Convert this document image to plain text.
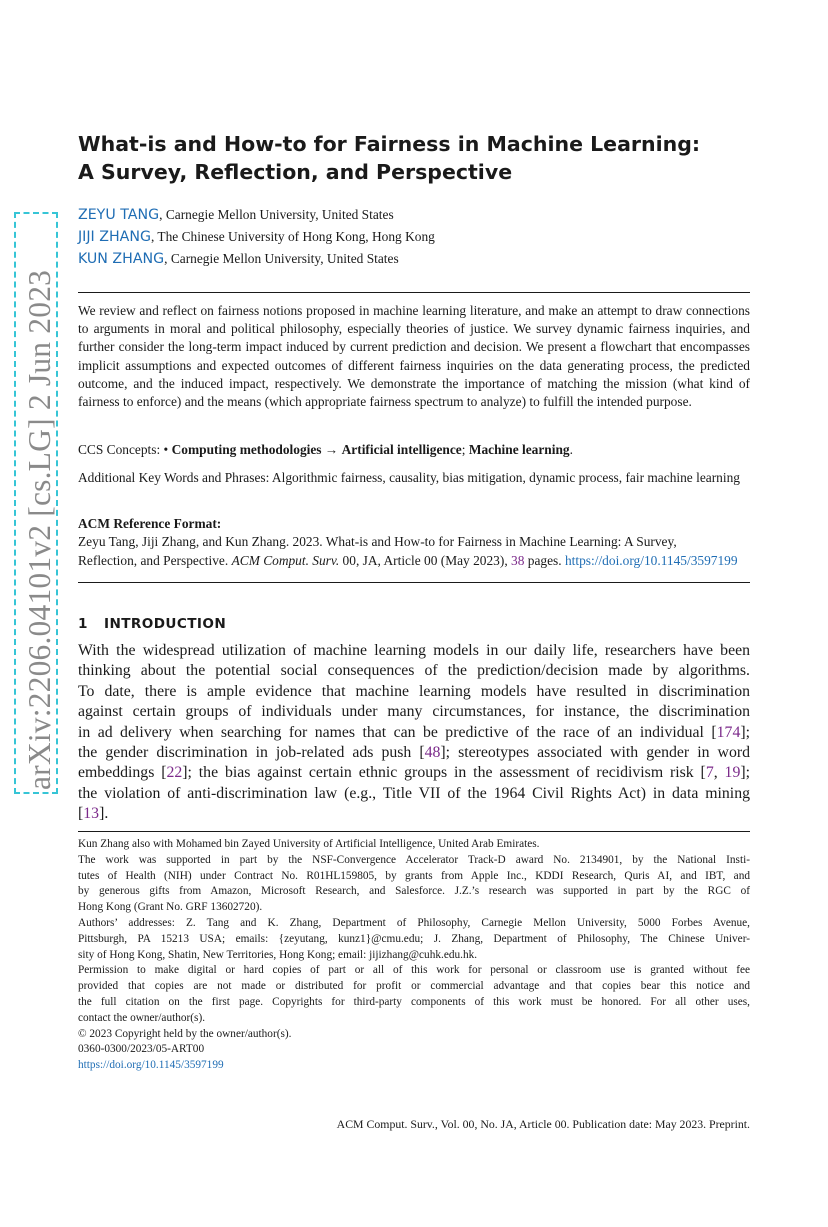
arXiv:2206.04101v2 [cs.LG] 2 Jun 2023
What-is and How-to for Fairness in Machine Learning:
A Survey, Reflection, and Perspective
ZEYU TANG, Carnegie Mellon University, United States
JIJI ZHANG, The Chinese University of Hong Kong, Hong Kong
KUN ZHANG, Carnegie Mellon University, United States

We review and reflect on fairness notions proposed in machine learning literature, and make an attempt to draw connections to arguments in moral and political philosophy, especially theories of justice. We survey dynamic fairness inquiries, and further consider the long-term impact induced by current prediction and decision. We present a flowchart that encompasses implicit assumptions and expected outcomes of different fairness inquiries on the data generating process, the predicted outcome, and the induced impact, respectively. We demonstrate the importance of matching the mission (what kind of fairness to enforce) and the means (which appropriate fairness spectrum to analyze) to fulfill the intended purpose.

CCS Concepts: • Computing methodologies → Artificial intelligence; Machine learning.
Additional Key Words and Phrases: Algorithmic fairness, causality, bias mitigation, dynamic process, fair machine learning
ACM Reference Format:
Zeyu Tang, Jiji Zhang, and Kun Zhang. 2023. What-is and How-to for Fairness in Machine Learning: A Survey,
Reflection, and Perspective. ACM Comput. Surv. 00, JA, Article 00 (May 2023), 38 pages. https://doi.org/10.1145/3597199
1 INTRODUCTION
With the widespread utilization of machine learning models in our daily life, researchers have been
thinking about the potential social consequences of the prediction/decision made by algorithms.
To date, there is ample evidence that machine learning models have resulted in discrimination
against certain groups of individuals under many circumstances, for instance, the discrimination
in ad delivery when searching for names that can be predictive of the race of an individual [174];
the gender discrimination in job-related ads push [48]; stereotypes associated with gender in word
embeddings [22]; the bias against certain ethnic groups in the assessment of recidivism risk [7, 19];
the violation of anti-discrimination law (e.g., Title VII of the 1964 Civil Rights Act) in data mining
[13].
Kun Zhang also with Mohamed bin Zayed University of Artificial Intelligence, United Arab Emirates.
The work was supported in part by the NSF-Convergence Accelerator Track-D award No. 2134901, by the National Insti-
tutes of Health (NIH) under Contract No. R01HL159805, by grants from Apple Inc., KDDI Research, Quris AI, and IBT, and
by generous gifts from Amazon, Microsoft Research, and Salesforce. J.Z.’s research was supported in part by the RGC of
Hong Kong (Grant No. GRF 13602720).
Authors’ addresses: Z. Tang and K. Zhang, Department of Philosophy, Carnegie Mellon University, 5000 Forbes Avenue,
Pittsburgh, PA 15213 USA; emails: {zeyutang, kunz1}@cmu.edu; J. Zhang, Department of Philosophy, The Chinese Univer-
sity of Hong Kong, Shatin, New Territories, Hong Kong; email: jijizhang@cuhk.edu.hk.
Permission to make digital or hard copies of part or all of this work for personal or classroom use is granted without fee
provided that copies are not made or distributed for profit or commercial advantage and that copies bear this notice and
the full citation on the first page. Copyrights for third-party components of this work must be honored. For all other uses,
contact the owner/author(s).
© 2023 Copyright held by the owner/author(s).
0360-0300/2023/05-ART00
https://doi.org/10.1145/3597199
ACM Comput. Surv., Vol. 00, No. JA, Article 00. Publication date: May 2023. Preprint.
